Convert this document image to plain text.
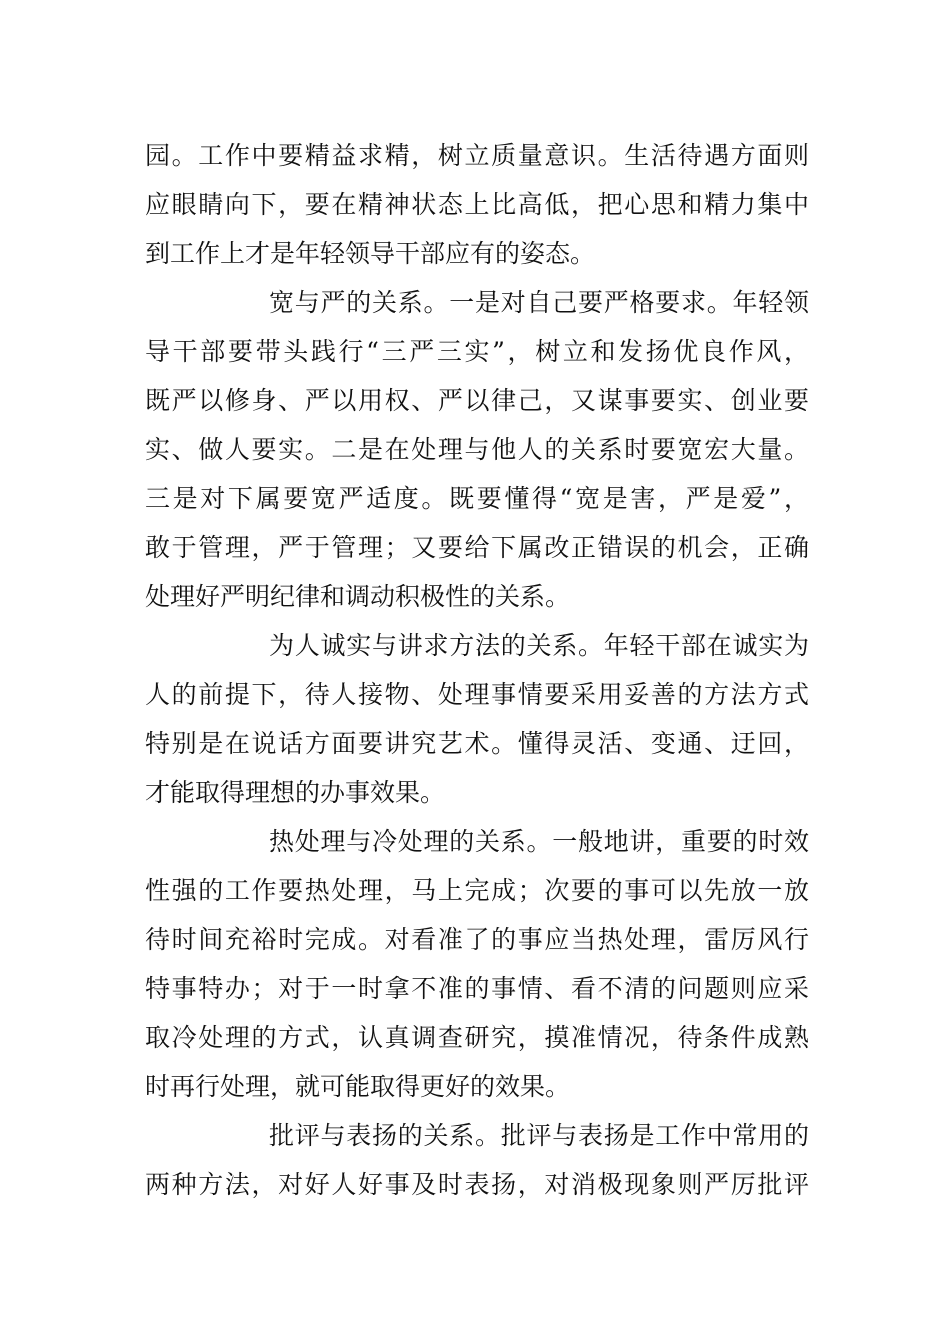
园。工作中要精益求精，树立质量意识。生活待遇方面则
应眼睛向下，要在精神状态上比高低，把心思和精力集中
到工作上才是年轻领导干部应有的姿态。
宽与严的关系。一是对自己要严格要求。年轻领
导干部要带头践行“三严三实”，树立和发扬优良作风，
既严以修身、严以用权、严以律己，又谋事要实、创业要
实、做人要实。二是在处理与他人的关系时要宽宏大量。
三是对下属要宽严适度。既要懂得“宽是害，严是爱”，
敢于管理，严于管理；又要给下属改正错误的机会，正确
处理好严明纪律和调动积极性的关系。
为人诚实与讲求方法的关系。年轻干部在诚实为
人的前提下，待人接物、处理事情要采用妥善的方法方式
特别是在说话方面要讲究艺术。懂得灵活、变通、迂回，
才能取得理想的办事效果。
热处理与冷处理的关系。一般地讲，重要的时效
性强的工作要热处理，马上完成；次要的事可以先放一放
待时间充裕时完成。对看准了的事应当热处理，雷厉风行
特事特办；对于一时拿不准的事情、看不清的问题则应采
取冷处理的方式，认真调查研究，摸准情况，待条件成熟
时再行处理，就可能取得更好的效果。
批评与表扬的关系。批评与表扬是工作中常用的
两种方法，对好人好事及时表扬，对消极现象则严厉批评
